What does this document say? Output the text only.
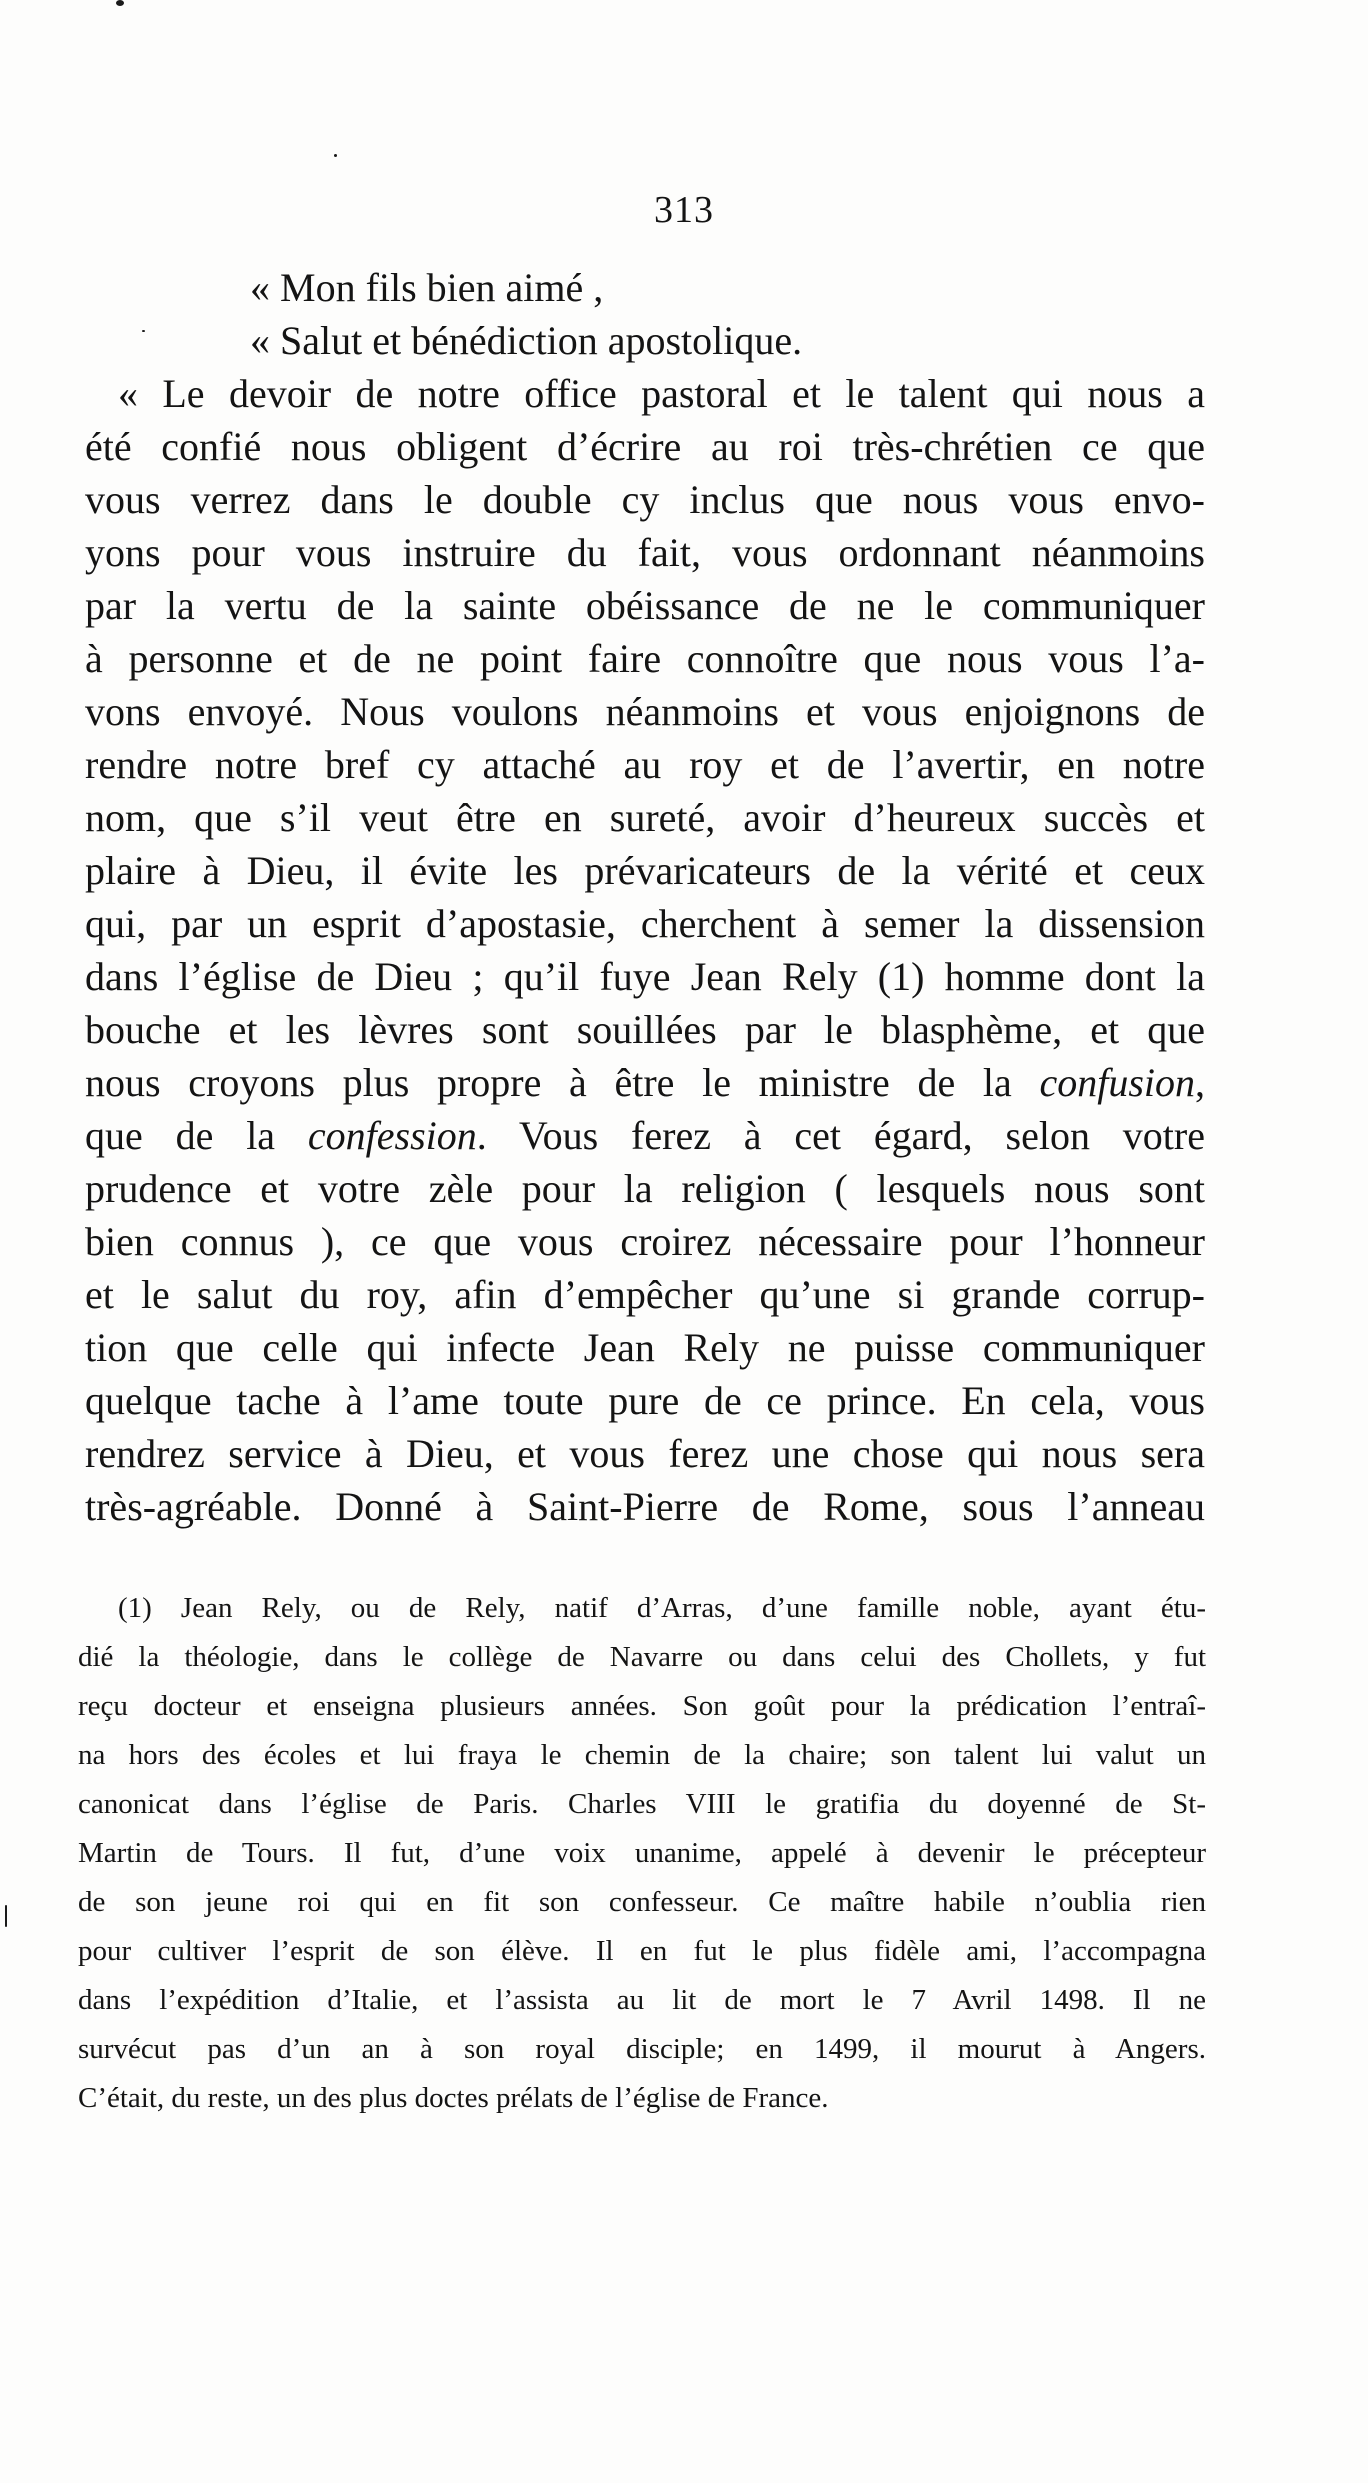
313
« Mon fils bien aimé ,
« Salut et bénédiction apostolique.
« Le devoir de notre office pastoral et le talent qui nous a
été confié nous obligent d’écrire au roi très-chrétien ce que
vous verrez dans le double cy inclus que nous vous envo-
yons pour vous instruire du fait, vous ordonnant néanmoins
par la vertu de la sainte obéissance de ne le communiquer
à personne et de ne point faire connoître que nous vous l’a-
vons envoyé. Nous voulons néanmoins et vous enjoignons de
rendre notre bref cy attaché au roy et de l’avertir, en notre
nom, que s’il veut être en sureté, avoir d’heureux succès et
plaire à Dieu, il évite les prévaricateurs de la vérité et ceux
qui, par un esprit d’apostasie, cherchent à semer la dissension
dans l’église de Dieu ; qu’il fuye Jean Rely (1) homme dont la
bouche et les lèvres sont souillées par le blasphème, et que
nous croyons plus propre à être le ministre de la confusion,
que de la confession. Vous ferez à cet égard, selon votre
prudence et votre zèle pour la religion ( lesquels nous sont
bien connus ), ce que vous croirez nécessaire pour l’honneur
et le salut du roy, afin d’empêcher qu’une si grande corrup-
tion que celle qui infecte Jean Rely ne puisse communiquer
quelque tache à l’ame toute pure de ce prince. En cela, vous
rendrez service à Dieu, et vous ferez une chose qui nous sera
très-agréable. Donné à Saint-Pierre de Rome, sous l’anneau
(1) Jean Rely, ou de Rely, natif d’Arras, d’une famille noble, ayant étu-
dié la théologie, dans le collège de Navarre ou dans celui des Chollets, y fut
reçu docteur et enseigna plusieurs années. Son goût pour la prédication l’entraî-
na hors des écoles et lui fraya le chemin de la chaire; son talent lui valut un
canonicat dans l’église de Paris. Charles VIII le gratifia du doyenné de St-
Martin de Tours. Il fut, d’une voix unanime, appelé à devenir le précepteur
de son jeune roi qui en fit son confesseur. Ce maître habile n’oublia rien
pour cultiver l’esprit de son élève. Il en fut le plus fidèle ami, l’accompagna
dans l’expédition d’Italie, et l’assista au lit de mort le 7 Avril 1498. Il ne
survécut pas d’un an à son royal disciple; en 1499, il mourut à Angers.
C’était, du reste, un des plus doctes prélats de l’église de France.
